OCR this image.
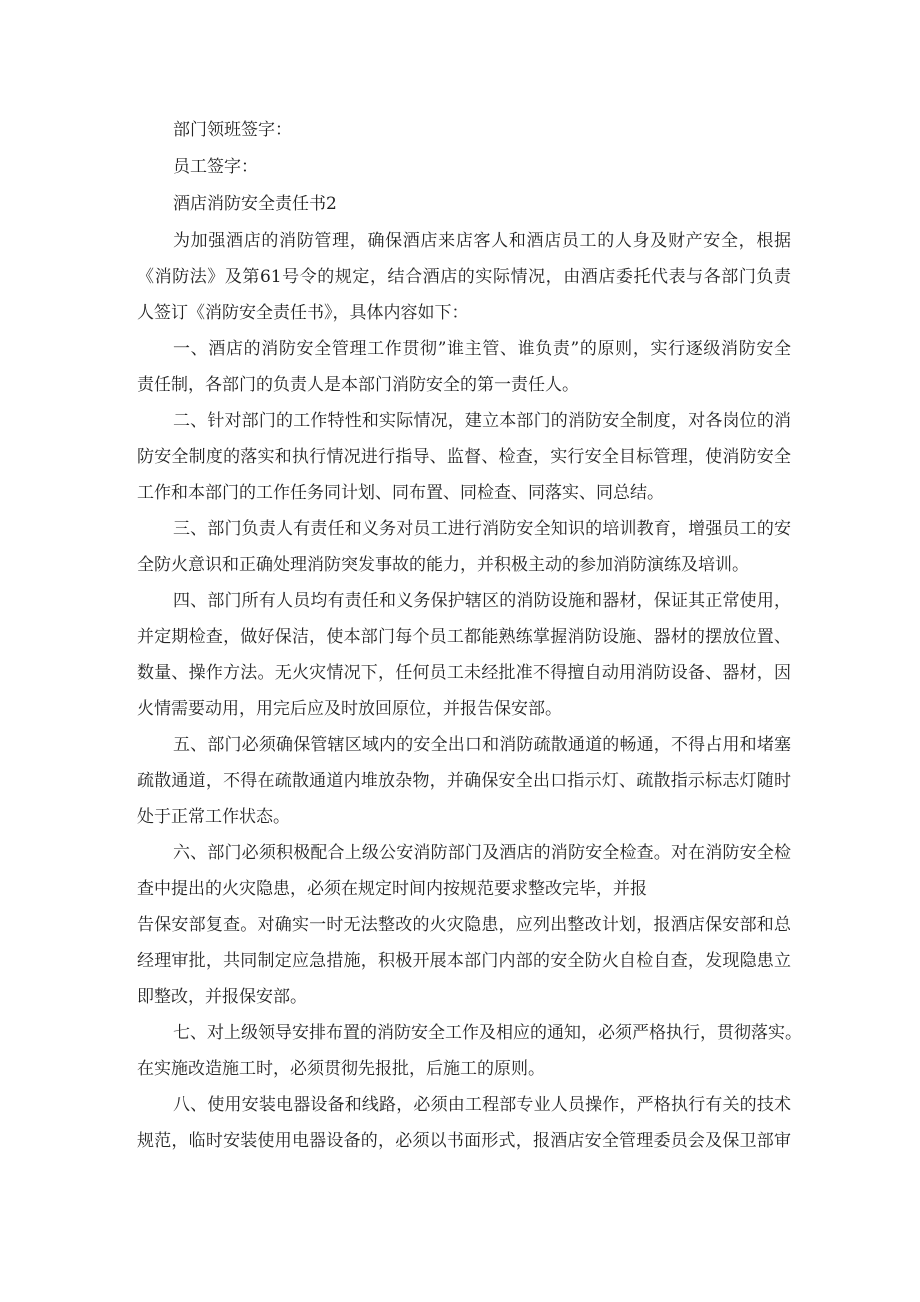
部门领班签字：

员工签字：

酒店消防安全责任书2

为加强酒店的消防管理，确保酒店来店客人和酒店员工的人身及财产安全，根据

《消防法》及第61号令的规定，结合酒店的实际情况，由酒店委托代表与各部门负责

人签订《消防安全责任书》，具体内容如下：

一、酒店的消防安全管理工作贯彻”谁主管、谁负责”的原则，实行逐级消防安全

责任制，各部门的负责人是本部门消防安全的第一责任人。

二、针对部门的工作特性和实际情况，建立本部门的消防安全制度，对各岗位的消

防安全制度的落实和执行情况进行指导、监督、检查，实行安全目标管理，使消防安全

工作和本部门的工作任务同计划、同布置、同检查、同落实、同总结。

三、部门负责人有责任和义务对员工进行消防安全知识的培训教育，增强员工的安

全防火意识和正确处理消防突发事故的能力，并积极主动的参加消防演练及培训。

四、部门所有人员均有责任和义务保护辖区的消防设施和器材，保证其正常使用，

并定期检查，做好保洁，使本部门每个员工都能熟练掌握消防设施、器材的摆放位置、

数量、操作方法。无火灾情况下，任何员工未经批准不得擅自动用消防设备、器材，因

火情需要动用，用完后应及时放回原位，并报告保安部。

五、部门必须确保管辖区域内的安全出口和消防疏散通道的畅通，不得占用和堵塞

疏散通道，不得在疏散通道内堆放杂物，并确保安全出口指示灯、疏散指示标志灯随时

处于正常工作状态。

六、部门必须积极配合上级公安消防部门及酒店的消防安全检查。对在消防安全检

查中提出的火灾隐患，必须在规定时间内按规范要求整改完毕，并报

告保安部复查。对确实一时无法整改的火灾隐患，应列出整改计划，报酒店保安部和总

经理审批，共同制定应急措施，积极开展本部门内部的安全防火自检自查，发现隐患立

即整改，并报保安部。

七、对上级领导安排布置的消防安全工作及相应的通知，必须严格执行，贯彻落实。

在实施改造施工时，必须贯彻先报批，后施工的原则。

八、使用安装电器设备和线路，必须由工程部专业人员操作，严格执行有关的技术

规范，临时安装使用电器设备的，必须以书面形式，报酒店安全管理委员会及保卫部审
